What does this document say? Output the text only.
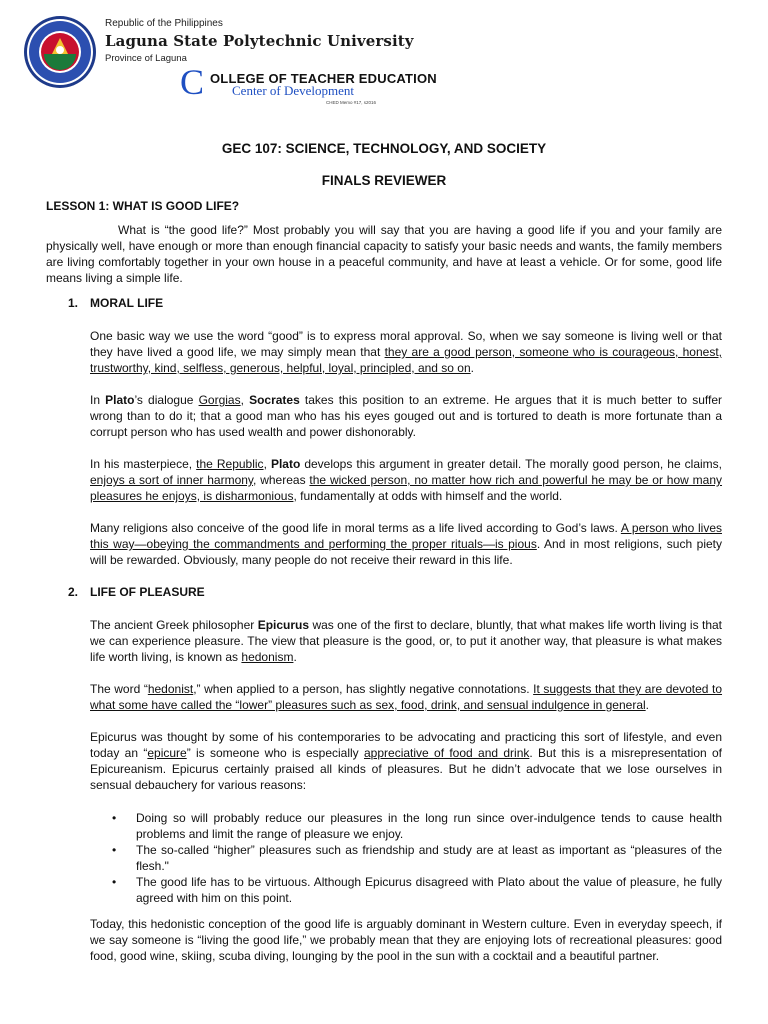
Republic of the Philippines
Laguna State Polytechnic University
Province of Laguna
C OLLEGE OF TEACHER EDUCATION
Center of Development
CHED Memo #17, s2016
GEC 107: SCIENCE, TECHNOLOGY, AND SOCIETY
FINALS REVIEWER
LESSON 1: WHAT IS GOOD LIFE?

What is “the good life?” Most probably you will say that you are having a good life if you and your family are physically well, have enough or more than enough financial capacity to satisfy your basic needs and wants, the family members are living comfortably together in your own house in a peaceful community, and have at least a vehicle. Or for some, good life means living a simple life.

1. MORAL LIFE

One basic way we use the word “good” is to express moral approval. So, when we say someone is living well or that they have lived a good life, we may simply mean that they are a good person, someone who is courageous, honest, trustworthy, kind, selfless, generous, helpful, loyal, principled, and so on.

In Plato’s dialogue Gorgias, Socrates takes this position to an extreme. He argues that it is much better to suffer wrong than to do it; that a good man who has his eyes gouged out and is tortured to death is more fortunate than a corrupt person who has used wealth and power dishonorably.

In his masterpiece, the Republic, Plato develops this argument in greater detail. The morally good person, he claims, enjoys a sort of inner harmony, whereas the wicked person, no matter how rich and powerful he may be or how many pleasures he enjoys, is disharmonious, fundamentally at odds with himself and the world.

Many religions also conceive of the good life in moral terms as a life lived according to God’s laws. A person who lives this way—obeying the commandments and performing the proper rituals—is pious. And in most religions, such piety will be rewarded. Obviously, many people do not receive their reward in this life.

2. LIFE OF PLEASURE

The ancient Greek philosopher Epicurus was one of the first to declare, bluntly, that what makes life worth living is that we can experience pleasure. The view that pleasure is the good, or, to put it another way, that pleasure is what makes life worth living, is known as hedonism.

The word “hedonist,” when applied to a person, has slightly negative connotations. It suggests that they are devoted to what some have called the “lower” pleasures such as sex, food, drink, and sensual indulgence in general.

Epicurus was thought by some of his contemporaries to be advocating and practicing this sort of lifestyle, and even today an “epicure” is someone who is especially appreciative of food and drink. But this is a misrepresentation of Epicureanism. Epicurus certainly praised all kinds of pleasures. But he didn’t advocate that we lose ourselves in sensual debauchery for various reasons:

• Doing so will probably reduce our pleasures in the long run since over-indulgence tends to cause health problems and limit the range of pleasure we enjoy.
• The so-called “higher” pleasures such as friendship and study are at least as important as “pleasures of the flesh."
• The good life has to be virtuous. Although Epicurus disagreed with Plato about the value of pleasure, he fully agreed with him on this point.

Today, this hedonistic conception of the good life is arguably dominant in Western culture. Even in everyday speech, if we say someone is “living the good life,” we probably mean that they are enjoying lots of recreational pleasures: good food, good wine, skiing, scuba diving, lounging by the pool in the sun with a cocktail and a beautiful partner.
